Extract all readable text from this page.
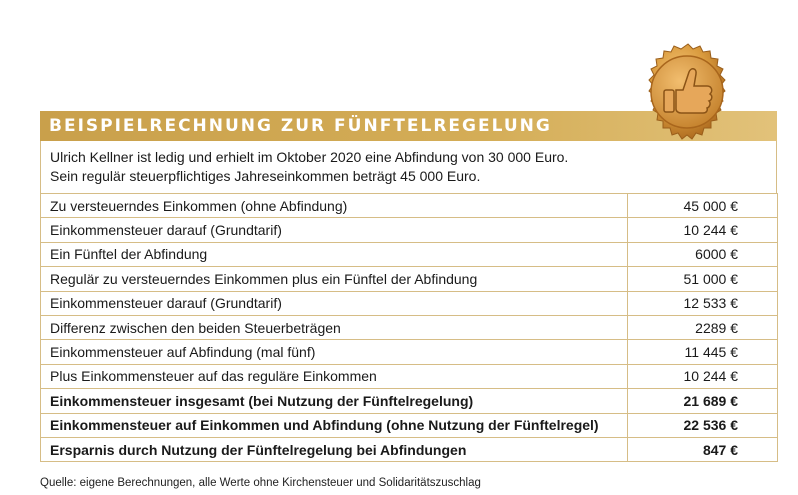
BEISPIELRECHNUNG ZUR FÜNFTELREGELUNG
Ulrich Kellner ist ledig und erhielt im Oktober 2020 eine Abfindung von 30 000 Euro.
Sein regulär steuerpflichtiges Jahreseinkommen beträgt 45 000 Euro.
Zu versteuerndes Einkommen (ohne Abfindung)	45 000 €
Einkommensteuer darauf (Grundtarif)	10 244 €
Ein Fünftel der Abfindung	6000 €
Regulär zu versteuerndes Einkommen plus ein Fünftel der Abfindung	51 000 €
Einkommensteuer darauf (Grundtarif)	12 533 €
Differenz zwischen den beiden Steuerbeträgen	2289 €
Einkommensteuer auf Abfindung (mal fünf)	11 445 €
Plus Einkommensteuer auf das reguläre Einkommen	10 244 €
Einkommensteuer insgesamt (bei Nutzung der Fünftelregelung)	21 689 €
Einkommensteuer auf Einkommen und Abfindung (ohne Nutzung der Fünftelregel)	22 536 €
Ersparnis durch Nutzung der Fünftelregelung bei Abfindungen	847 €
Quelle: eigene Berechnungen, alle Werte ohne Kirchensteuer und Solidaritätszuschlag
